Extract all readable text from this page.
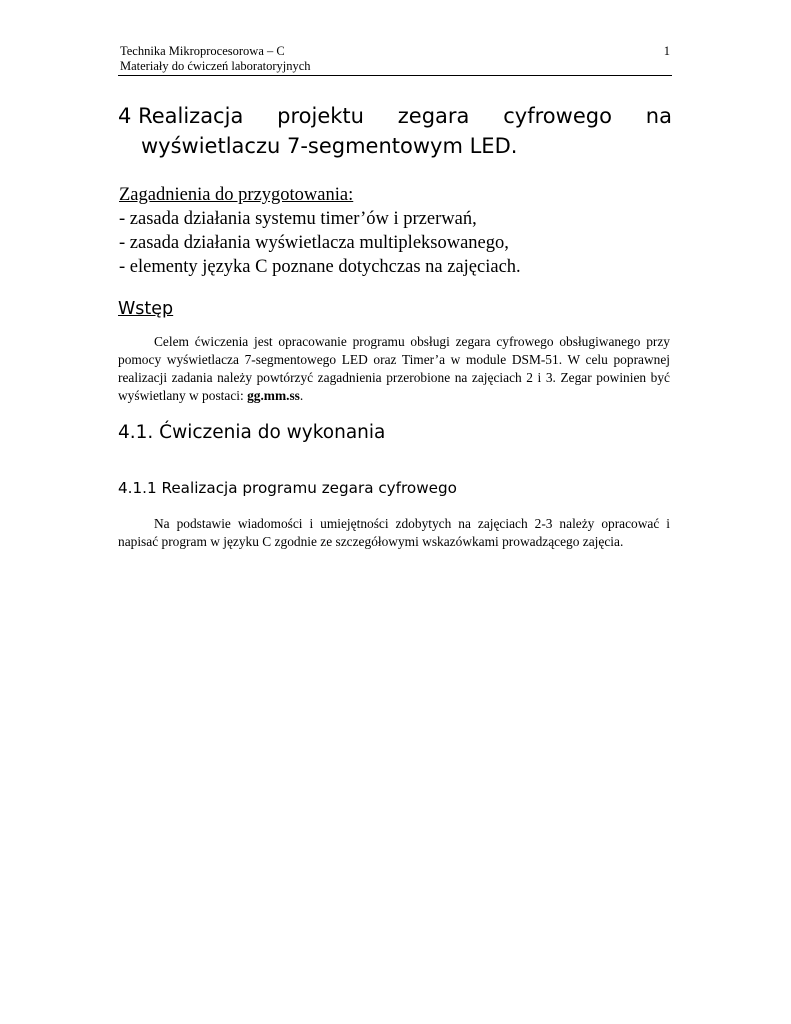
Technika Mikroprocesorowa – C
Materiały do ćwiczeń laboratoryjnych
1
4 Realizacja projektu zegara cyfrowego na
wyświetlaczu 7-segmentowym LED.
Zagadnienia do przygotowania:
- zasada działania systemu timer’ów i przerwań,
- zasada działania wyświetlacza multipleksowanego,
- elementy języka C poznane dotychczas na zajęciach.
Wstęp
Celem ćwiczenia jest opracowanie programu obsługi zegara cyfrowego obsługiwanego przy pomocy wyświetlacza 7-segmentowego LED oraz Timer’a w module DSM-51. W celu poprawnej realizacji zadania należy powtórzyć zagadnienia przerobione na zajęciach 2 i 3. Zegar powinien być wyświetlany w postaci: gg.mm.ss.
4.1. Ćwiczenia do wykonania
4.1.1 Realizacja programu zegara cyfrowego
Na podstawie wiadomości i umiejętności zdobytych na zajęciach 2-3 należy opracować i napisać program w języku C zgodnie ze szczegółowymi wskazówkami prowadzącego zajęcia.
